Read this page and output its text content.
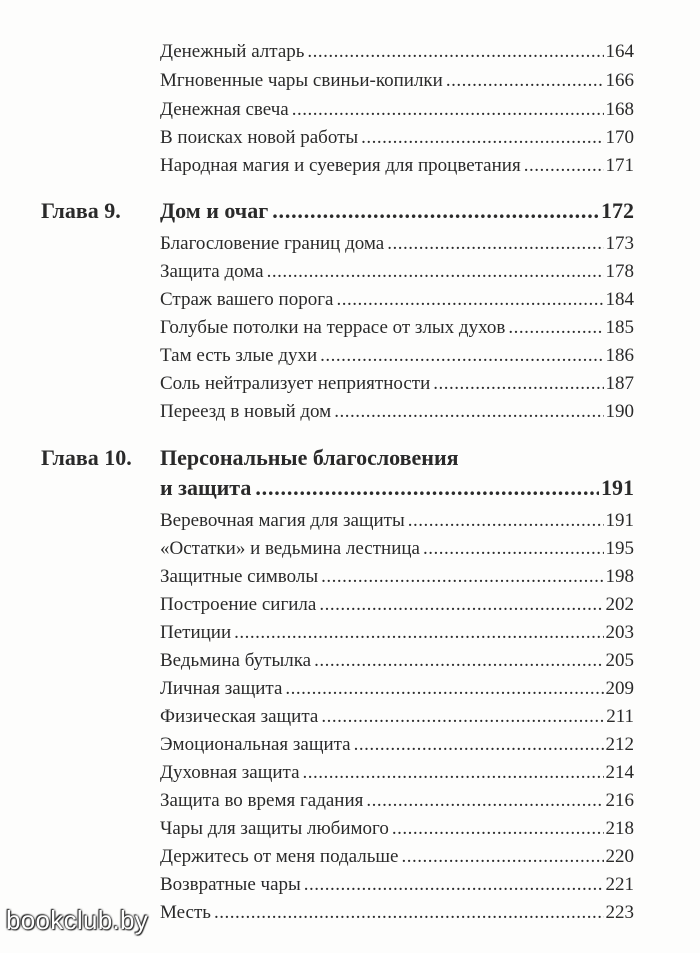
Денежный алтарь .....	164
Мгновенные чары свиньи-копилки .....	166
Денежная свеча .....	168
В поисках новой работы .....	170
Народная магия и суеверия для процветания .....	171
Глава 9. Дом и очаг .....	172
Благословение границ дома .....	173
Защита дома .....	178
Страж вашего порога .....	184
Голубые потолки на террасе от злых духов .....	185
Там есть злые духи .....	186
Соль нейтрализует неприятности .....	187
Переезд в новый дом .....	190
Глава 10. Персональные благословения
и защита .....	191
Веревочная магия для защиты .....	191
«Остатки» и ведьмина лестница .....	195
Защитные символы .....	198
Построение сигила .....	202
Петиции .....	203
Ведьмина бутылка .....	205
Личная защита .....	209
Физическая защита .....	211
Эмоциональная защита .....	212
Духовная защита .....	214
Защита во время гадания .....	216
Чары для защиты любимого .....	218
Держитесь от меня подальше .....	220
Возвратные чары .....	221
Месть .....	223
bookclub.by
